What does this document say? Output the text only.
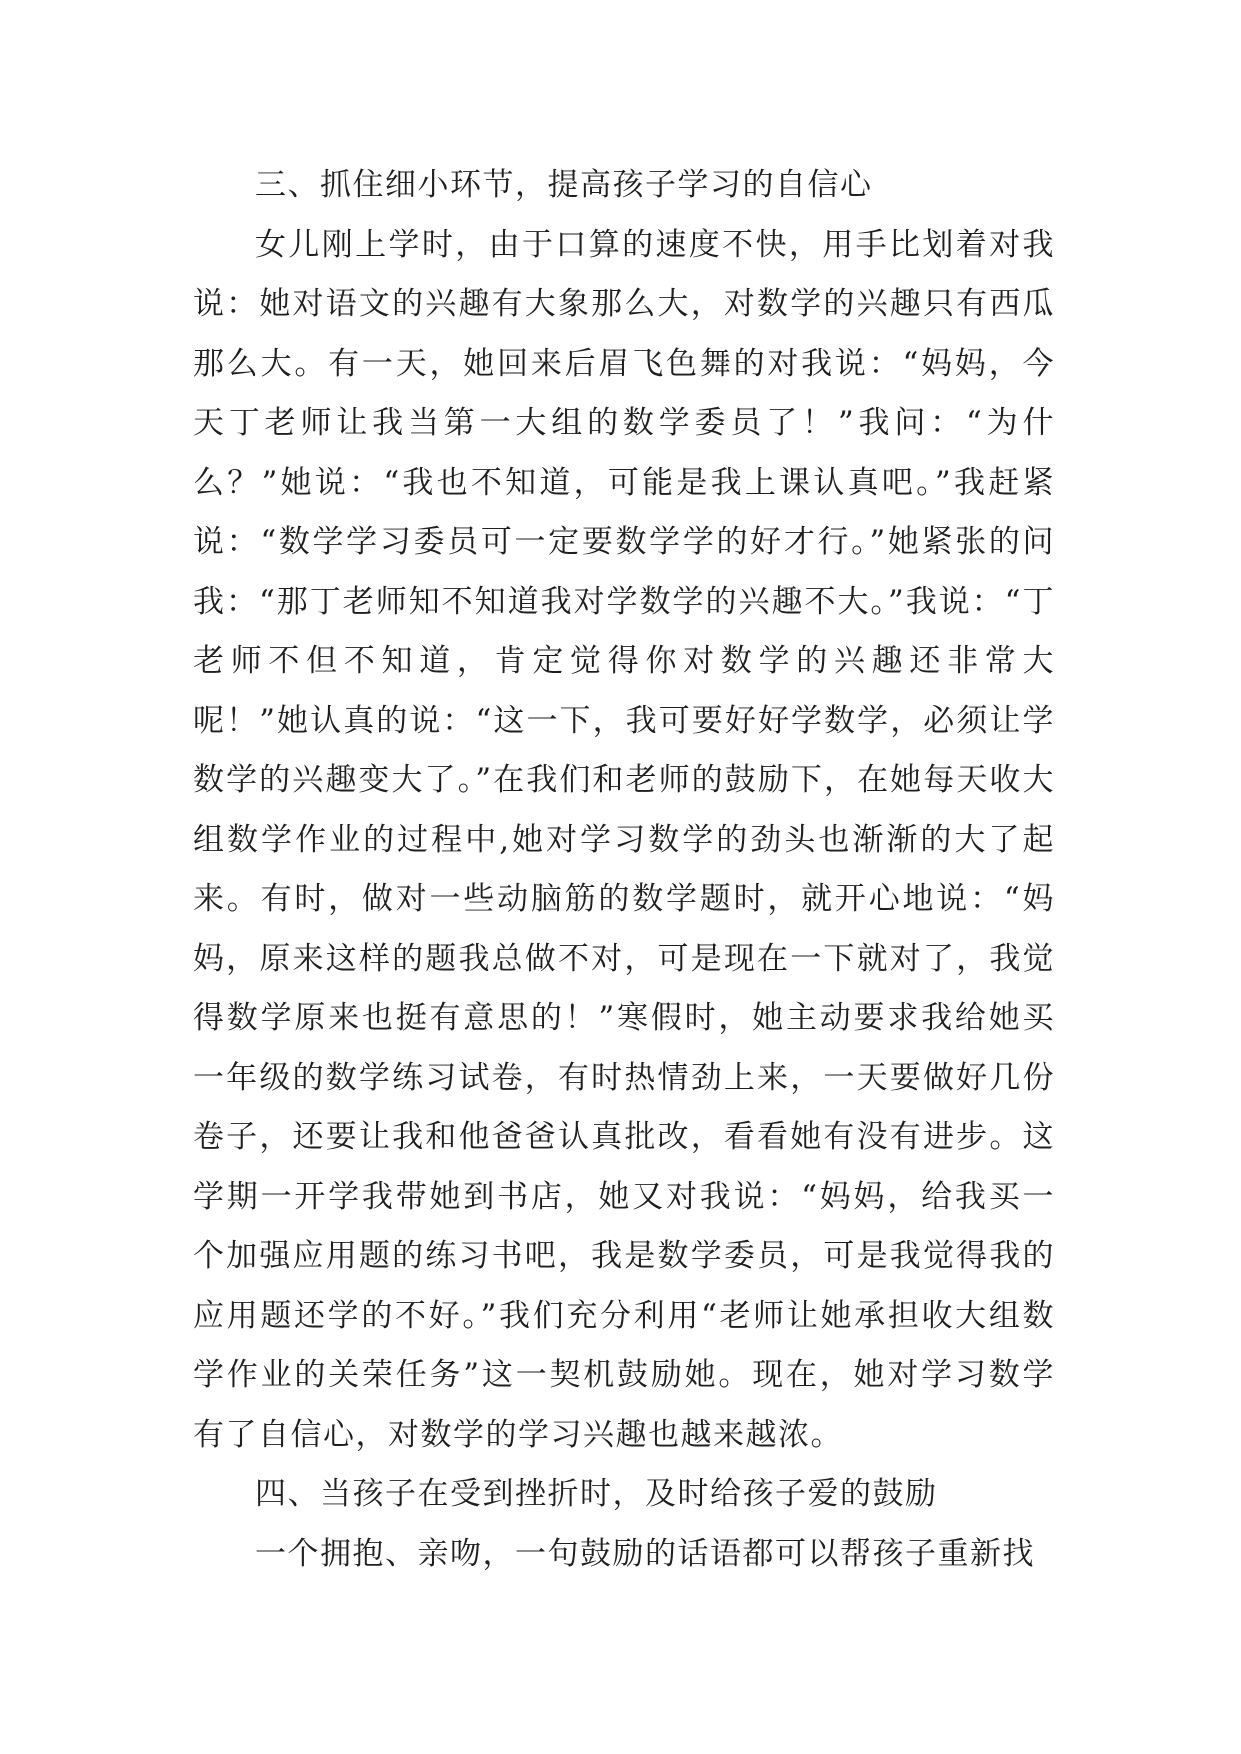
三、抓住细小环节，提高孩子学习的自信心

女儿刚上学时，由于口算的速度不快，用手比划着对我说：她对语文的兴趣有大象那么大，对数学的兴趣只有西瓜那么大。有一天，她回来后眉飞色舞的对我说：“妈妈，今天丁老师让我当第一大组的数学委员了！”我问：“为什么？”她说：“我也不知道，可能是我上课认真吧。”我赶紧说：“数学学习委员可一定要数学学的好才行。”她紧张的问我：“那丁老师知不知道我对学数学的兴趣不大。”我说：“丁老师不但不知道，肯定觉得你对数学的兴趣还非常大呢！”她认真的说：“这一下，我可要好好学数学，必须让学数学的兴趣变大了。”在我们和老师的鼓励下，在她每天收大组数学作业的过程中,她对学习数学的劲头也渐渐的大了起来。有时，做对一些动脑筋的数学题时，就开心地说：“妈妈，原来这样的题我总做不对，可是现在一下就对了，我觉得数学原来也挺有意思的！”寒假时，她主动要求我给她买一年级的数学练习试卷，有时热情劲上来，一天要做好几份卷子，还要让我和他爸爸认真批改，看看她有没有进步。这学期一开学我带她到书店，她又对我说：“妈妈，给我买一个加强应用题的练习书吧，我是数学委员，可是我觉得我的应用题还学的不好。”我们充分利用“老师让她承担收大组数学作业的关荣任务”这一契机鼓励她。现在，她对学习数学有了自信心，对数学的学习兴趣也越来越浓。

四、当孩子在受到挫折时，及时给孩子爱的鼓励

一个拥抱、亲吻，一句鼓励的话语都可以帮孩子重新找
